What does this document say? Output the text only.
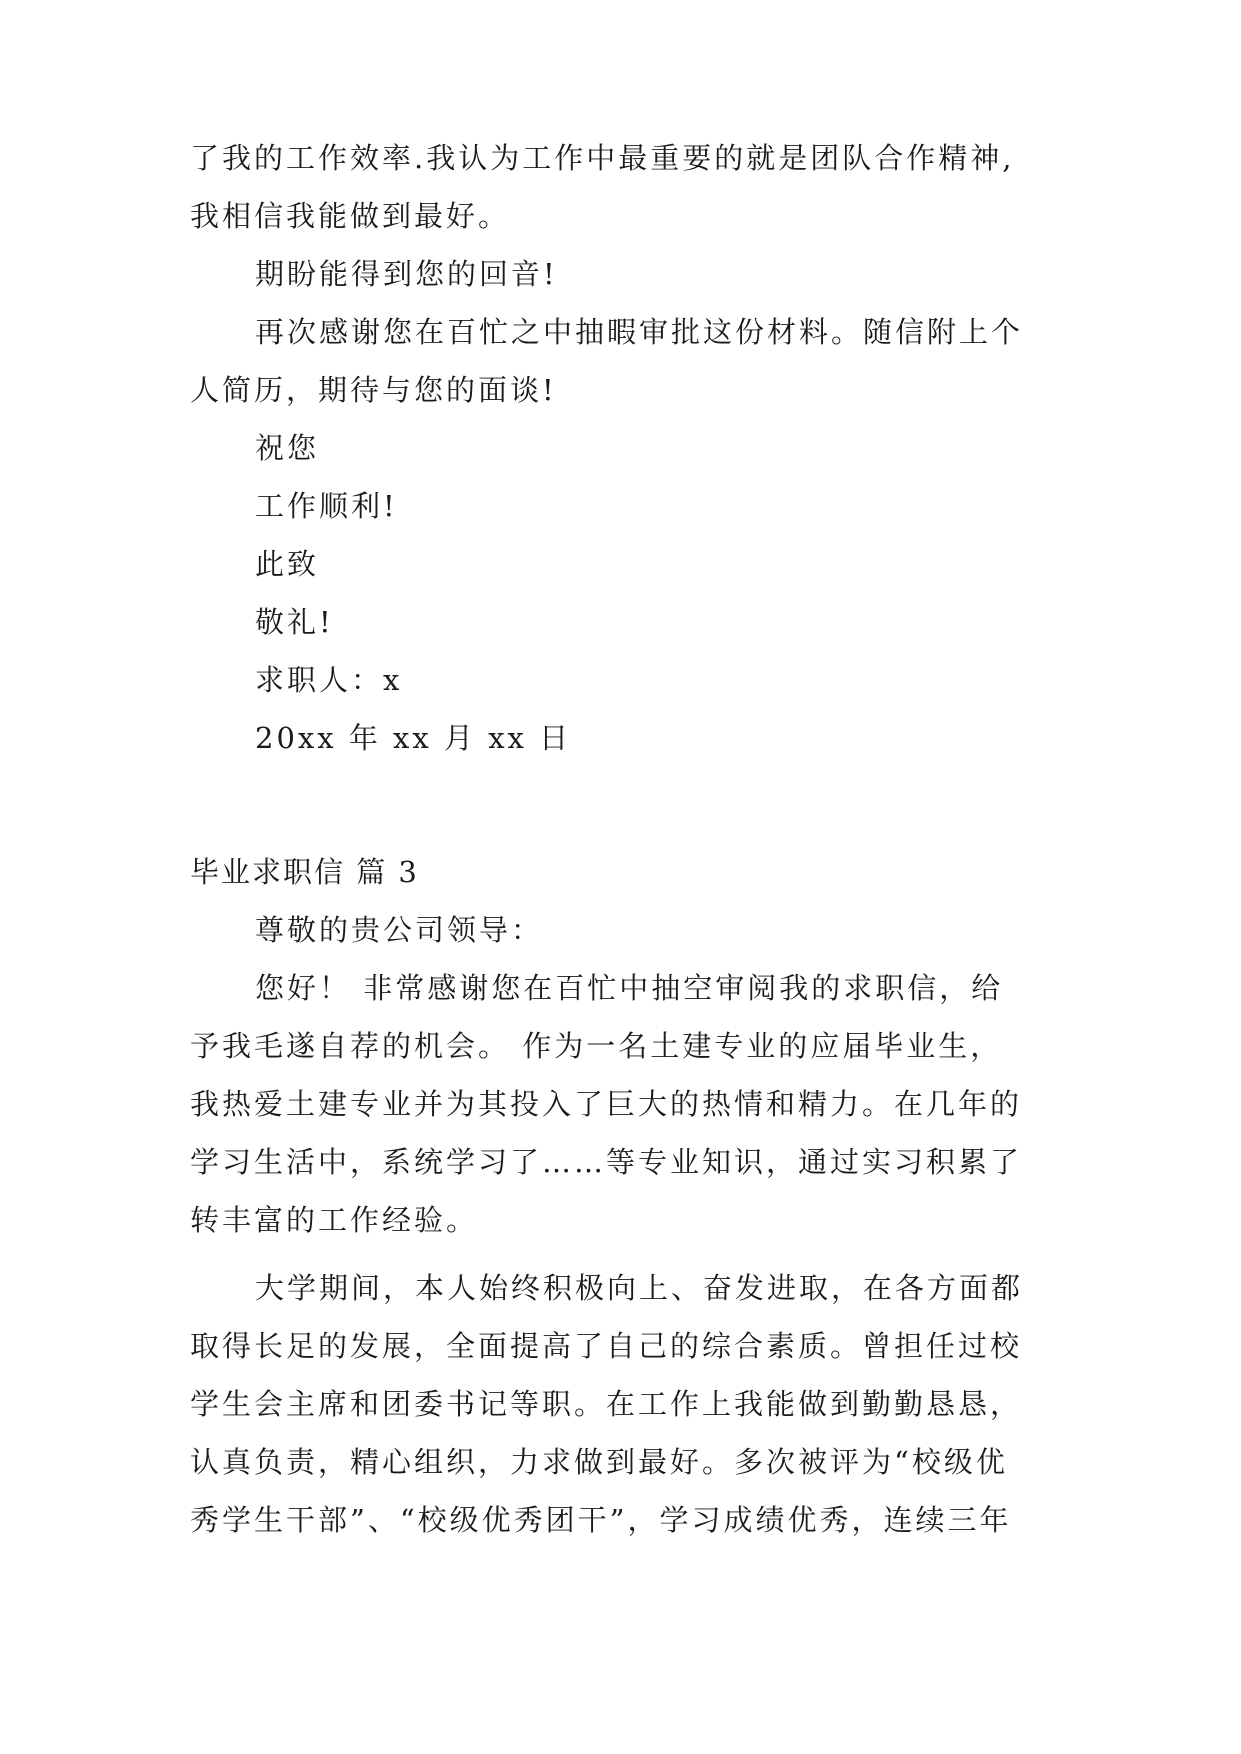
了我的工作效率.我认为工作中最重要的就是团队合作精神,
我相信我能做到最好。
期盼能得到您的回音!
再次感谢您在百忙之中抽暇审批这份材料。随信附上个
人简历，期待与您的面谈!
祝您
工作顺利!
此致
敬礼!
求职人：x
20xx 年 xx 月 xx 日
毕业求职信 篇 3
尊敬的贵公司领导：
您好！ 非常感谢您在百忙中抽空审阅我的求职信，给
予我毛遂自荐的机会。 作为一名土建专业的应届毕业生，
我热爱土建专业并为其投入了巨大的热情和精力。在几年的
学习生活中，系统学习了……等专业知识，通过实习积累了
转丰富的工作经验。
大学期间，本人始终积极向上、奋发进取，在各方面都
取得长足的发展，全面提高了自己的综合素质。曾担任过校
学生会主席和团委书记等职。在工作上我能做到勤勤恳恳，
认真负责，精心组织，力求做到最好。多次被评为“校级优
秀学生干部”、“校级优秀团干”，学习成绩优秀，连续三年
